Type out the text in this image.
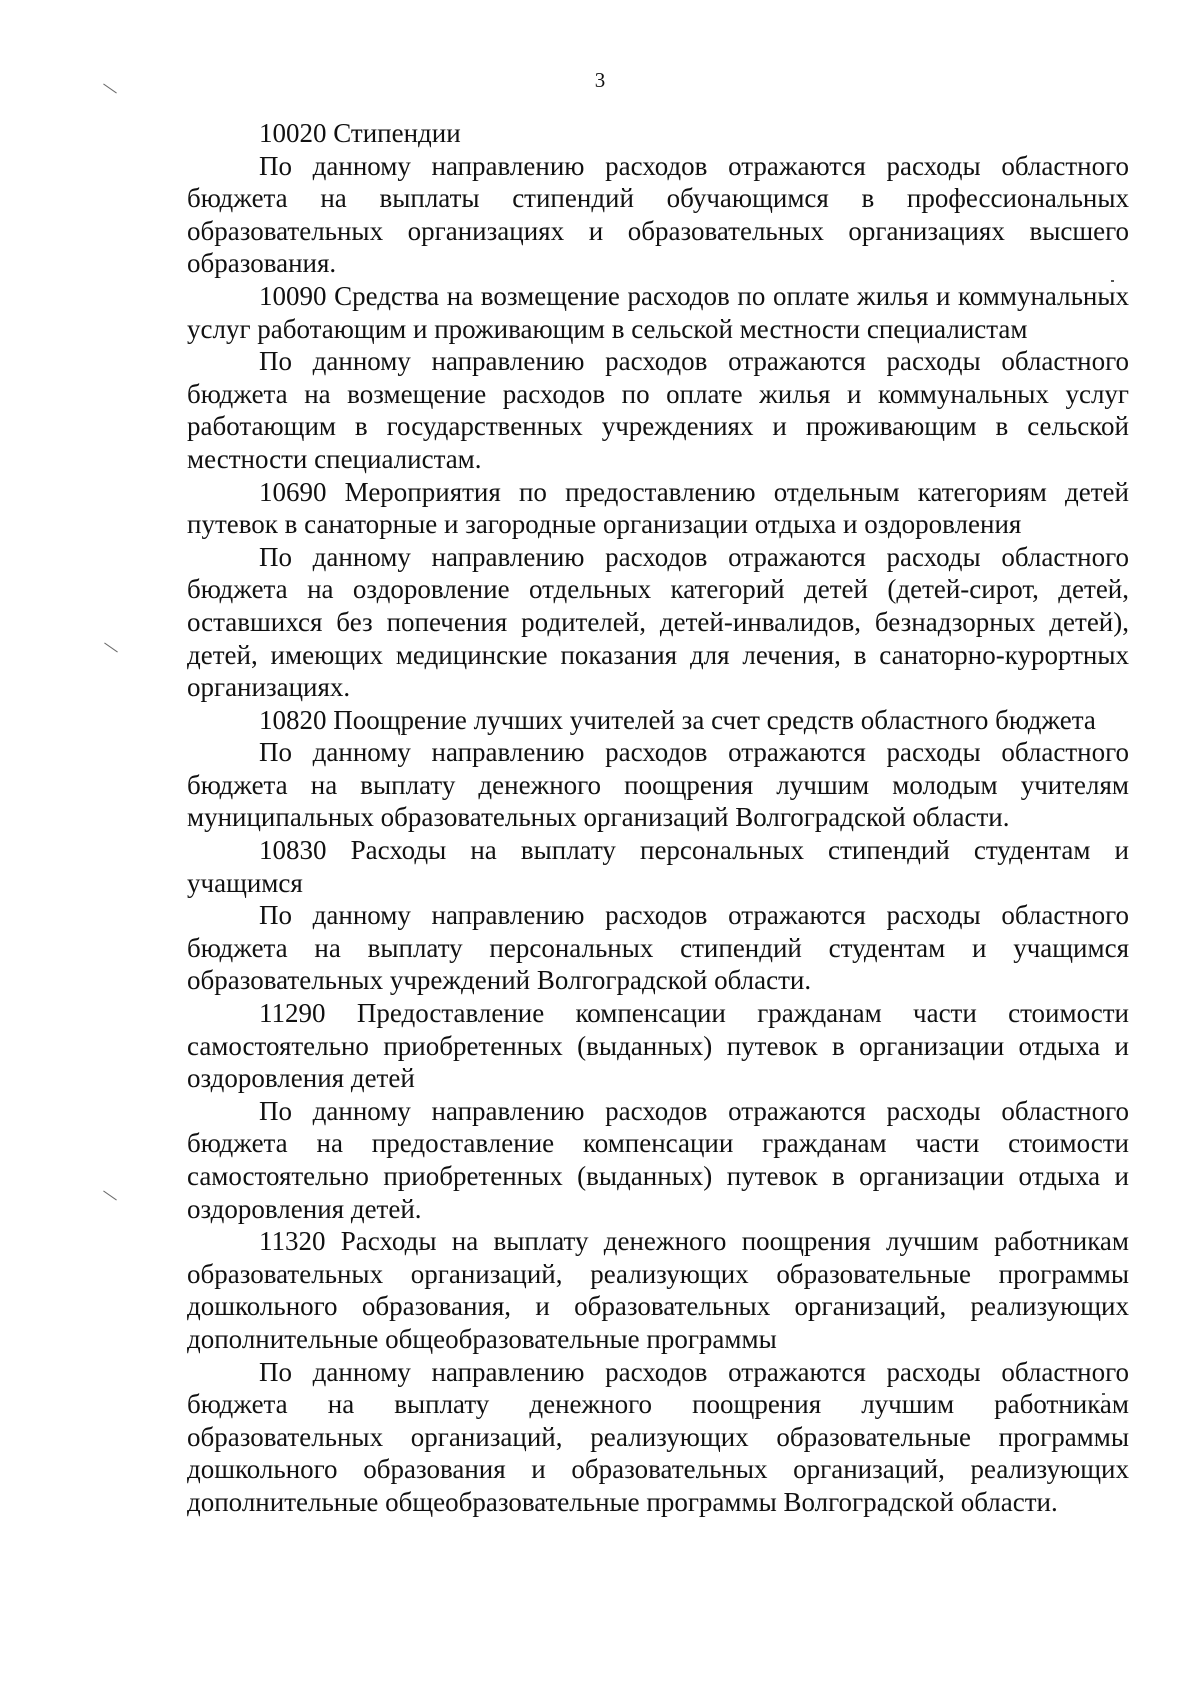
3

10020 Стипендии

По данному направлению расходов отражаются расходы областного бюджета на выплаты стипендий обучающимся в профессиональных образовательных организациях и образовательных организациях высшего образования.

10090 Средства на возмещение расходов по оплате жилья и коммунальных услуг работающим и проживающим в сельской местности специалистам

По данному направлению расходов отражаются расходы областного бюджета на возмещение расходов по оплате жилья и коммунальных услуг работающим в государственных учреждениях и проживающим в сельской местности специалистам.

10690 Мероприятия по предоставлению отдельным категориям детей путевок в санаторные и загородные организации отдыха и оздоровления

По данному направлению расходов отражаются расходы областного бюджета на оздоровление отдельных категорий детей (детей-сирот, детей, оставшихся без попечения родителей, детей-инвалидов, безнадзорных детей), детей, имеющих медицинские показания для лечения, в санаторно-курортных организациях.

10820 Поощрение лучших учителей за счет средств областного бюджета

По данному направлению расходов отражаются расходы областного бюджета на выплату денежного поощрения лучшим молодым учителям муниципальных образовательных организаций Волгоградской области.

10830 Расходы на выплату персональных стипендий студентам и учащимся

По данному направлению расходов отражаются расходы областного бюджета на выплату персональных стипендий студентам и учащимся образовательных учреждений Волгоградской области.

11290 Предоставление компенсации гражданам части стоимости самостоятельно приобретенных (выданных) путевок в организации отдыха и оздоровления детей

По данному направлению расходов отражаются расходы областного бюджета на предоставление компенсации гражданам части стоимости самостоятельно приобретенных (выданных) путевок в организации отдыха и оздоровления детей.

11320 Расходы на выплату денежного поощрения лучшим работникам образовательных организаций, реализующих образовательные программы дошкольного образования, и образовательных организаций, реализующих дополнительные общеобразовательные программы

По данному направлению расходов отражаются расходы областного бюджета на выплату денежного поощрения лучшим работникам образовательных организаций, реализующих образовательные программы дошкольного образования и образовательных организаций, реализующих дополнительные общеобразовательные программы Волгоградской области.
